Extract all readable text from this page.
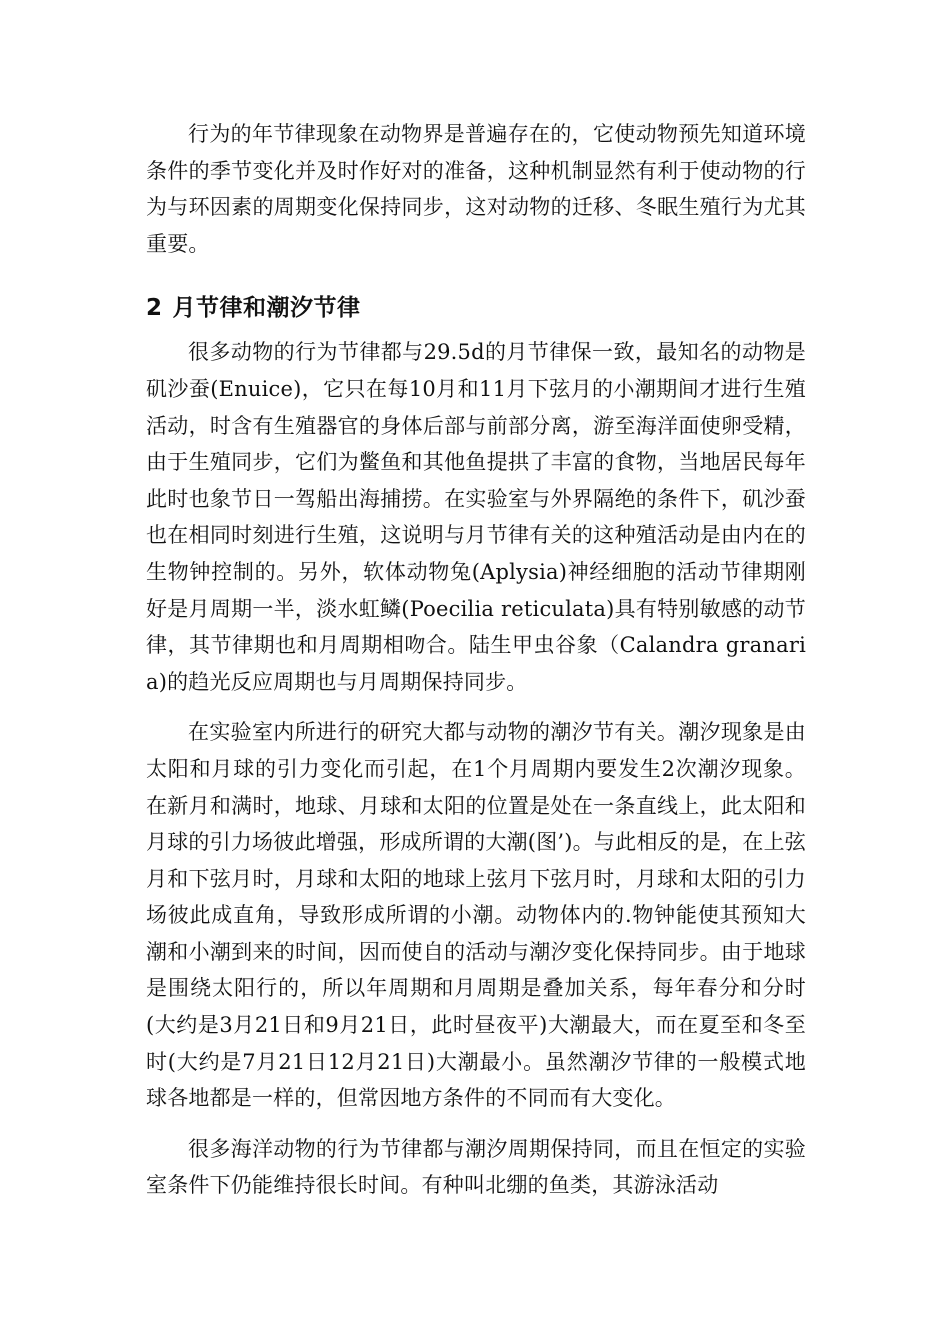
行为的年节律现象在动物界是普遍存在的，它使动物预先知道环境条件的季节变化并及时作好对的准备，这种机制显然有利于使动物的行为与环因素的周期变化保持同步，这对动物的迁移、冬眠生殖行为尤其重要。

2 月节律和潮汐节律

很多动物的行为节律都与29.5d的月节律保一致，最知名的动物是矶沙蚕(Enuice)，它只在每10月和11月下弦月的小潮期间才进行生殖活动，时含有生殖器官的身体后部与前部分离，游至海洋面使卵受精，由于生殖同步，它们为鳖鱼和其他鱼提拱了丰富的食物，当地居民每年此时也象节日一驾船出海捕捞。在实验室与外界隔绝的条件下，矶沙蚕也在相同时刻进行生殖，这说明与月节律有关的这种殖活动是由内在的生物钟控制的。另外，软体动物兔(Aplysia)神经细胞的活动节律期刚好是月周期一半，淡水虹鳞(Poecilia reticulata)具有特别敏感的动节律，其节律期也和月周期相吻合。陆生甲虫谷象（Calandra granaria)的趋光反应周期也与月周期保持同步。

在实验室内所进行的研究大都与动物的潮汐节有关。潮汐现象是由太阳和月球的引力变化而引起，在1个月周期内要发生2次潮汐现象。在新月和满时，地球、月球和太阳的位置是处在一条直线上，此太阳和月球的引力场彼此增强，形成所谓的大潮(图’)。与此相反的是，在上弦月和下弦月时，月球和太阳的地球上弦月下弦月时，月球和太阳的引力场彼此成直角，导致形成所谓的小潮。动物体内的.物钟能使其预知大潮和小潮到来的时间，因而使自的活动与潮汐变化保持同步。由于地球是围绕太阳行的，所以年周期和月周期是叠加关系，每年春分和分时(大约是3月21日和9月21日，此时昼夜平)大潮最大，而在夏至和冬至时(大约是7月21日12月21日)大潮最小。虽然潮汐节律的一般模式地球各地都是一样的，但常因地方条件的不同而有大变化。

很多海洋动物的行为节律都与潮汐周期保持同，而且在恒定的实验室条件下仍能维持很长时间。有种叫北绷的鱼类，其游泳活动
